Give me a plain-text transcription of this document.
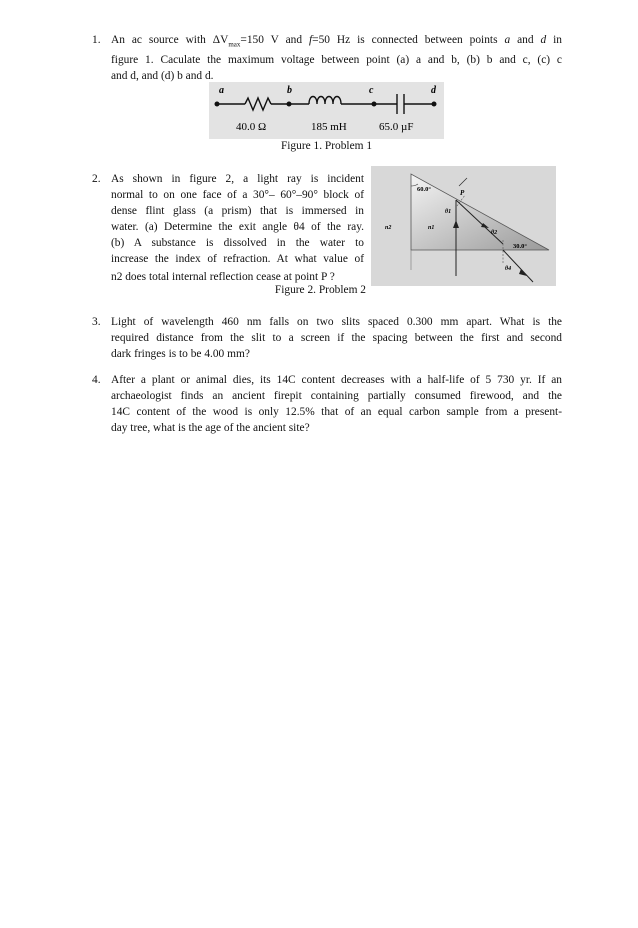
1. An ac source with $\Delta V_{max}=150$ V and f=50 Hz is connected between points a and d in
figure 1. Caculate the maximum voltage between point (a) a and b, (b) b and c, (c) c
and d, and (d) b and d.
a	b	c	d
40.0 Ω	185 mH	65.0 µF
Figure 1. Problem 1
2. As shown in figure 2, a light ray is incident
normal to on one face of a 30°– 60°–90° block of
dense flint glass (a prism) that is immersed in
water. (a) Determine the exit angle θ4 of the ray.
(b) A substance is dissolved in the water to
increase the index of refraction. At what value of
n2 does total internal reflection cease at point P ?
60.0°	P
θ1
θ2
θ4
n1
n2
30.0°
Figure 2. Problem 2
3. Light of wavelength 460 nm falls on two slits spaced 0.300 mm apart. What is the
required distance from the slit to a screen if the spacing between the first and second
dark fringes is to be 4.00 mm?
4. After a plant or animal dies, its 14C content decreases with a half-life of 5 730 yr. If an
archaeologist finds an ancient firepit containing partially consumed firewood, and the
14C content of the wood is only 12.5% that of an equal carbon sample from a present-
day tree, what is the age of the ancient site?
